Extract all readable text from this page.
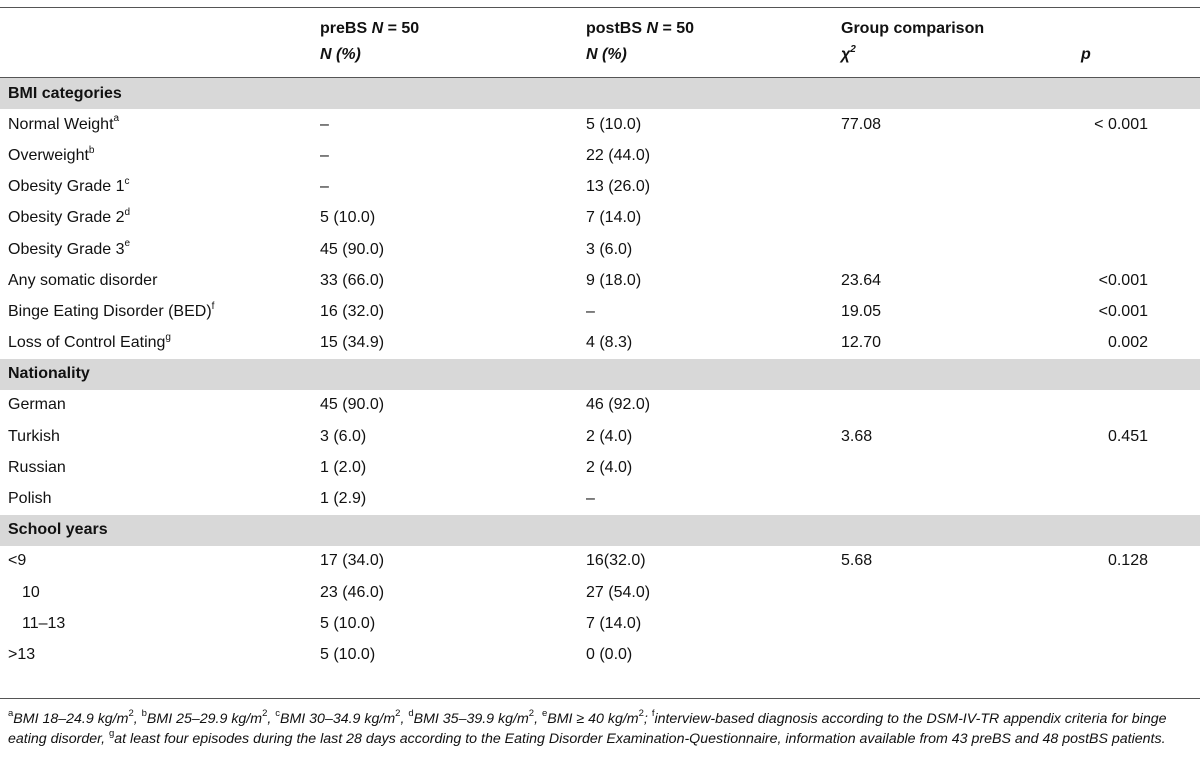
	preBS N = 50	postBS N = 50	Group comparison	
	N (%)	N (%)	$\chi^2$	p
BMI categories				
Normal Weight$^a$	–	5 (10.0)	77.08	< 0.001
Overweight$^b$	–	22 (44.0)		
Obesity Grade 1$^c$	–	13 (26.0)		
Obesity Grade 2$^d$	5 (10.0)	7 (14.0)		
Obesity Grade 3e	45 (90.0)	3 (6.0)		
Any somatic disorder	33 (66.0)	9 (18.0)	23.64	<0.001
Binge Eating Disorder (BED)$^f$	16 (32.0)	–	19.05	<0.001
Loss of Control Eating$^g$	15 (34.9)	4 (8.3)	12.70	0.002
Nationality				
German	45 (90.0)	46 (92.0)		
Turkish	3 (6.0)	2 (4.0)	3.68	0.451
Russian	1 (2.0)	2 (4.0)		
Polish	1 (2.9)	–		
School years				
<9	17 (34.0)	16(32.0)	5.68	0.128
10	23 (46.0)	27 (54.0)		
11–13	5 (10.0)	7 (14.0)		
>13	5 (10.0)	0 (0.0)		
$^a$BMI 18–24.9 $kg/m^2$, $^b$BMI 25–29.9 $kg/m^2$, $^c$BMI 30–34.9 $kg/m^2$, $^d$BMI 35–39.9 $kg/m^2$, $^e$BMI ≥ 40 $kg/m^2$; $^f$interview-based diagnosis according to the DSM-IV-TR appendix criteria for binge eating disorder, $^g$at least four episodes during the last 28 days according to the Eating Disorder Examination-Questionnaire, information available from 43 preBS and 48 postBS patients.
